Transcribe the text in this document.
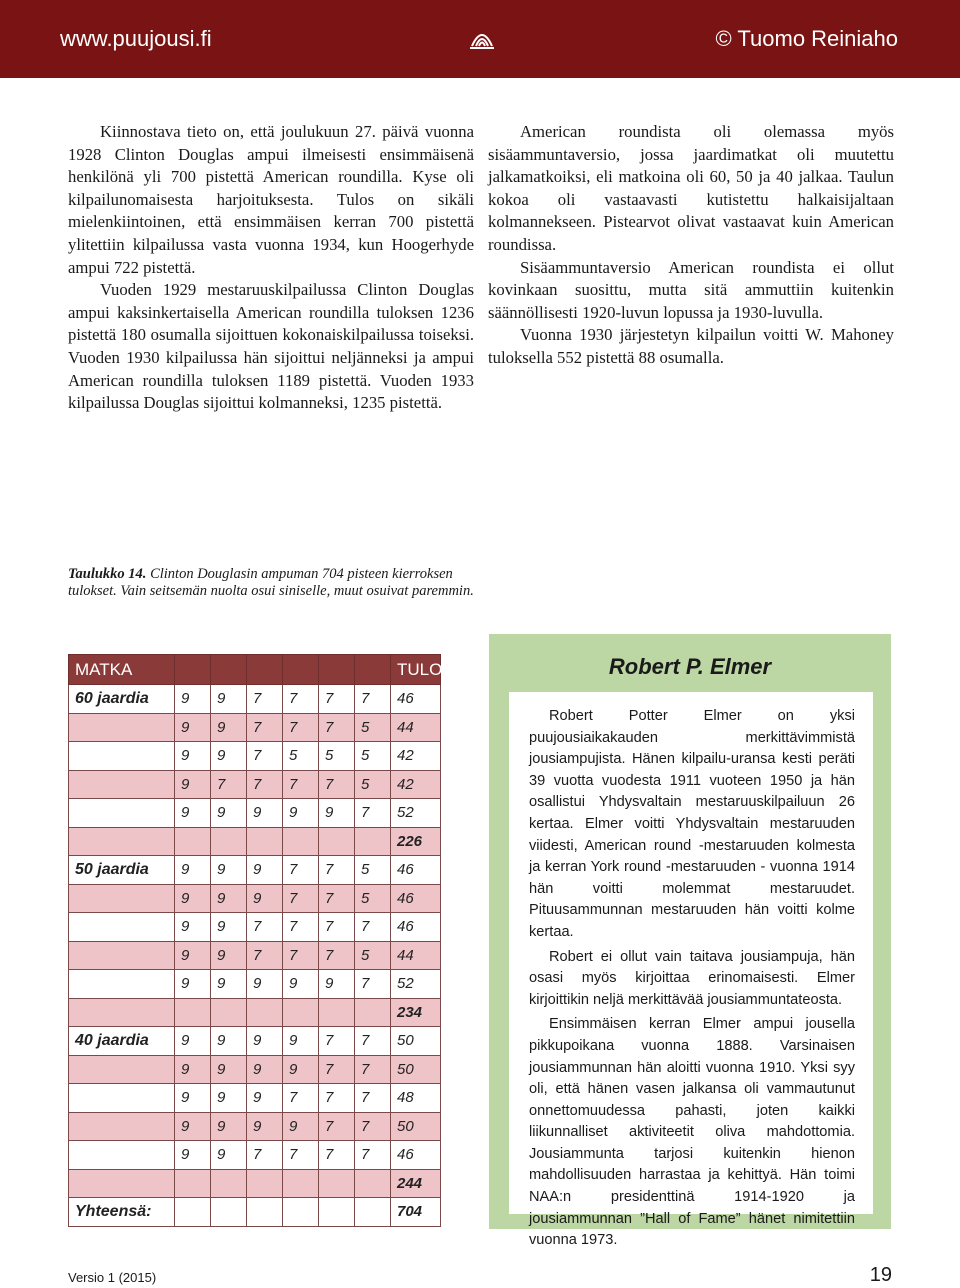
www.puujousi.fi	© Tuomo Reiniaho

Kiinnostava tieto on, että joulukuun 27. päivä vuonna 1928 Clinton Douglas ampui ilmeisesti ensimmäisenä henkilönä yli 700 pistettä American roundilla. Kyse oli kilpailunomaisesta harjoituksesta. Tulos on sikäli mielenkiintoinen, että ensimmäisen kerran 700 pistettä ylitettiin kilpailussa vasta vuonna 1934, kun Hoogerhyde ampui 722 pistettä.

Vuoden 1929 mestaruuskilpailussa Clinton Douglas ampui kaksinkertaisella American roundilla tuloksen 1236 pistettä 180 osumalla sijoittuen kokonaiskilpailussa toiseksi. Vuoden 1930 kilpailussa hän sijoittui neljänneksi ja ampui American roundilla tuloksen 1189 pistettä. Vuoden 1933 kilpailussa Douglas sijoittui kolmanneksi, 1235 pistettä.

American roundista oli olemassa myös sisäammuntaversio, jossa jaardimatkat oli muutettu jalkamatkoiksi, eli matkoina oli 60, 50 ja 40 jalkaa. Taulun kokoa oli vastaavasti kutistettu halkaisijaltaan kolmannekseen. Pistearvot olivat vastaavat kuin American roundissa.

Sisäammuntaversio American roundista ei ollut kovinkaan suosittu, mutta sitä ammuttiin kuitenkin säännöllisesti 1920-luvun lopussa ja 1930-luvulla.

Vuonna 1930 järjestetyn kilpailun voitti W. Mahoney tuloksella 552 pistettä 88 osumalla.

Taulukko 14. Clinton Douglasin ampuman 704 pisteen kierroksen tulokset. Vain seitsemän nuolta osui siniselle, muut osuivat paremmin.
MATKA							TULOS
60 jaardia	9	9	7	7	7	7	46
	9	9	7	7	7	5	44
	9	9	7	5	5	5	42
	9	7	7	7	7	5	42
	9	9	9	9	9	7	52
							226
50 jaardia	9	9	9	7	7	5	46
	9	9	9	7	7	5	46
	9	9	7	7	7	7	46
	9	9	7	7	7	5	44
	9	9	9	9	9	7	52
							234
40 jaardia	9	9	9	9	7	7	50
	9	9	9	9	7	7	50
	9	9	9	7	7	7	48
	9	9	9	9	7	7	50
	9	9	7	7	7	7	46
							244
Yhteensä:							704
Robert P. Elmer

Robert Potter Elmer on yksi puujousiaikakauden merkittävimmistä jousiampujista. Hänen kilpailu-uransa kesti peräti 39 vuotta vuodesta 1911 vuoteen 1950 ja hän osallistui Yhdysvaltain mestaruuskilpailuun 26 kertaa. Elmer voitti Yhdysvaltain mestaruuden viidesti, American round -mestaruuden kolmesta ja kerran York round -mestaruuden - vuonna 1914 hän voitti molemmat mestaruudet. Pituusammunnan mestaruuden hän voitti kolme kertaa.

Robert ei ollut vain taitava jousiampuja, hän osasi myös kirjoittaa erinomaisesti. Elmer kirjoittikin neljä merkittävää jousiammuntateosta.

Ensimmäisen kerran Elmer ampui jousella pikkupoikana vuonna 1888. Varsinaisen jousiammunnan hän aloitti vuonna 1910. Yksi syy oli, että hänen vasen jalkansa oli vammautunut onnettomuudessa pahasti, joten kaikki liikunnalliset aktiviteetit oliva mahdottomia. Jousiammunta tarjosi kuitenkin hienon mahdollisuuden harrastaa ja kehittyä. Hän toimi NAA:n presidenttinä 1914-1920 ja jousiammunnan ”Hall of Fame” hänet nimitettiin vuonna 1973.

Versio 1 (2015)	19
